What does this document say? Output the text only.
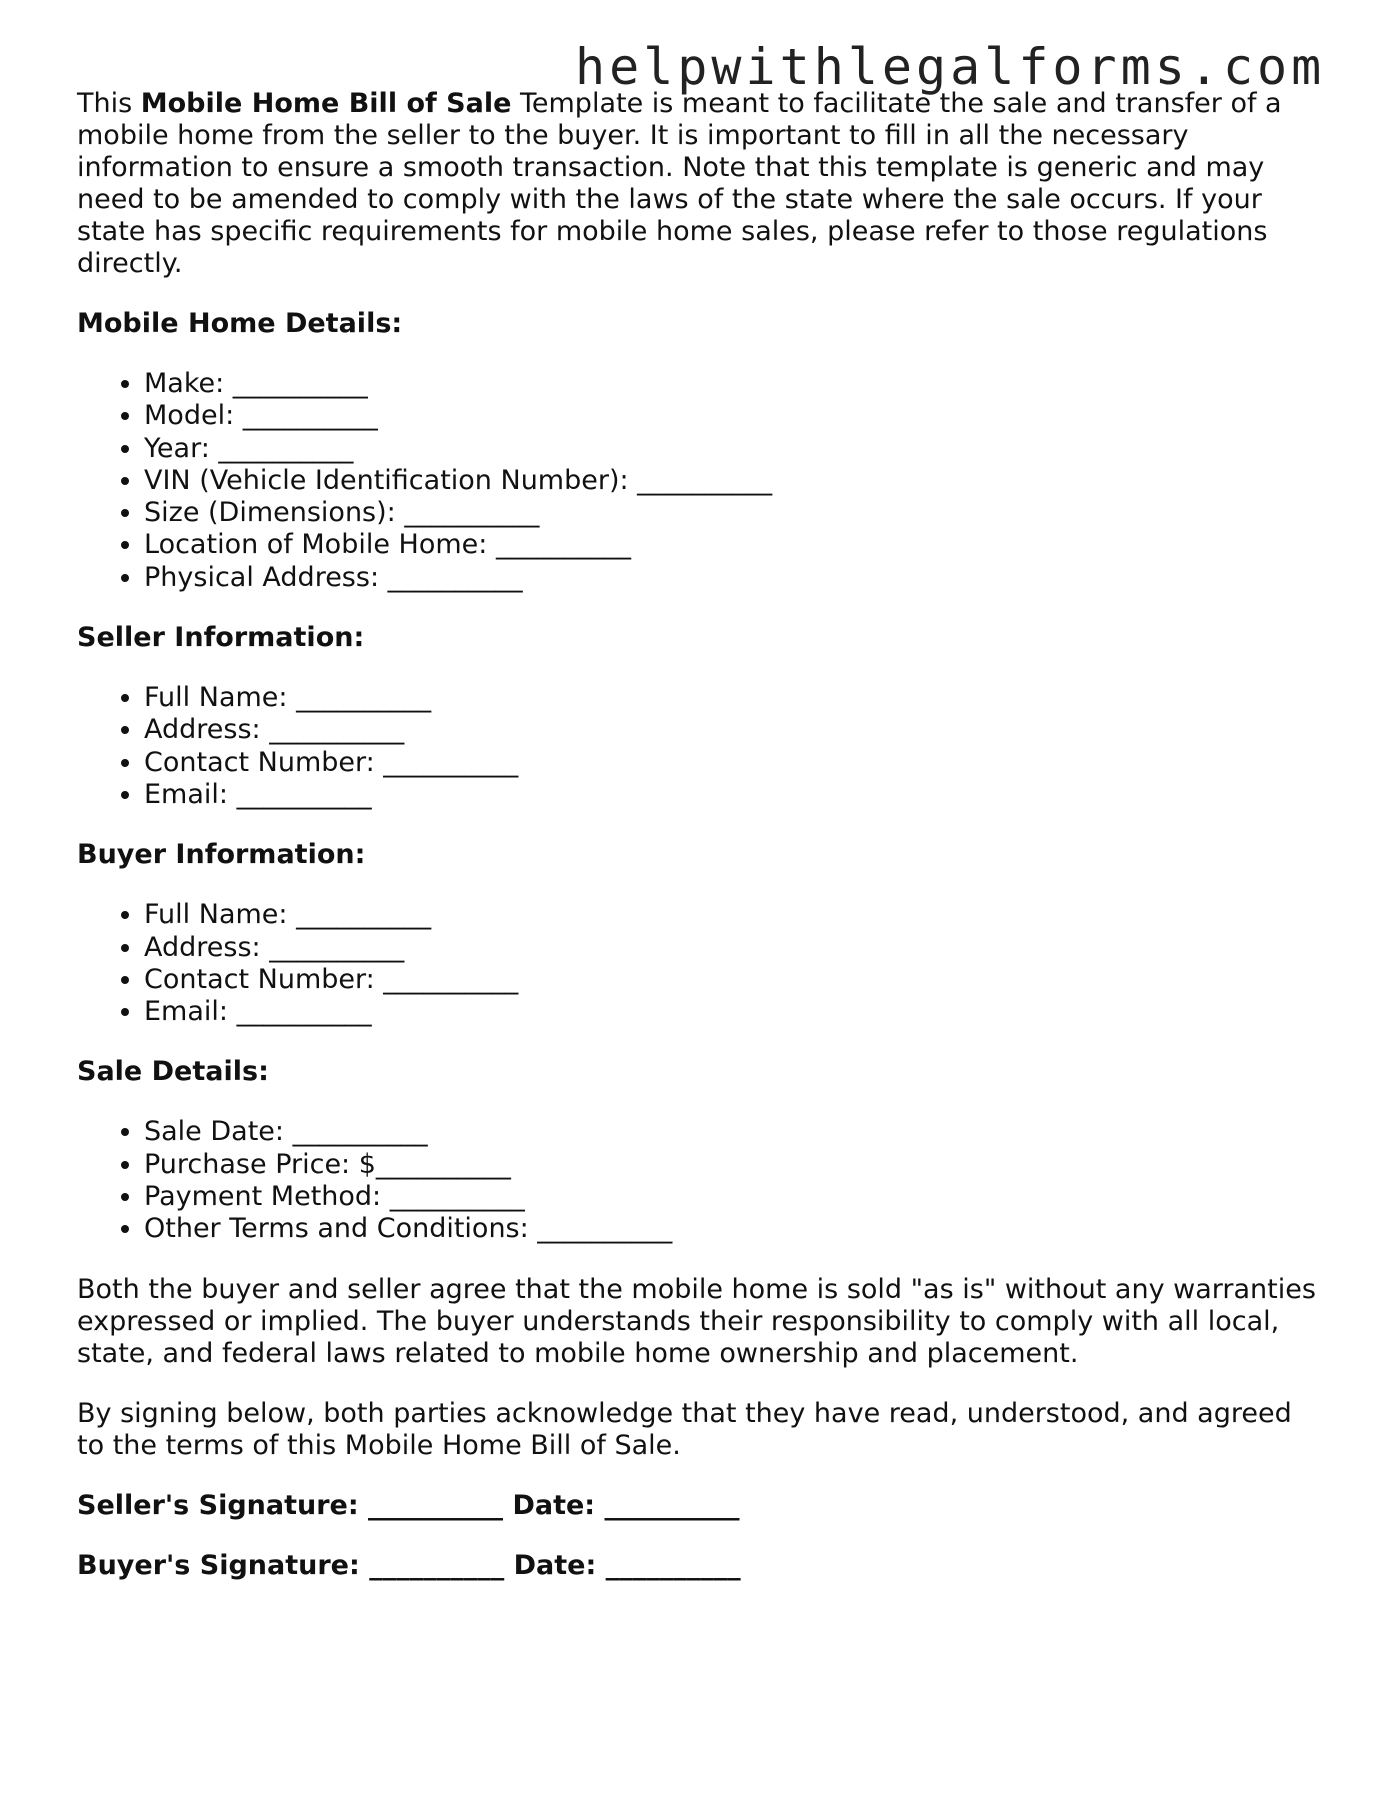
helpwithlegalforms.com

This Mobile Home Bill of Sale Template is meant to facilitate the sale and transfer of a mobile home from the seller to the buyer. It is important to fill in all the necessary information to ensure a smooth transaction. Note that this template is generic and may need to be amended to comply with the laws of the state where the sale occurs. If your state has specific requirements for mobile home sales, please refer to those regulations directly.

Mobile Home Details:
• Make: __________
• Model: __________
• Year: __________
• VIN (Vehicle Identification Number): __________
• Size (Dimensions): __________
• Location of Mobile Home: __________
• Physical Address: __________
Seller Information:
• Full Name: __________
• Address: __________
• Contact Number: __________
• Email: __________
Buyer Information:
• Full Name: __________
• Address: __________
• Contact Number: __________
• Email: __________
Sale Details:
• Sale Date: __________
• Purchase Price: $__________
• Payment Method: __________
• Other Terms and Conditions: __________

Both the buyer and seller agree that the mobile home is sold "as is" without any warranties expressed or implied. The buyer understands their responsibility to comply with all local, state, and federal laws related to mobile home ownership and placement.

By signing below, both parties acknowledge that they have read, understood, and agreed to the terms of this Mobile Home Bill of Sale.

Seller's Signature: __________ Date: __________

Buyer's Signature: __________ Date: __________
